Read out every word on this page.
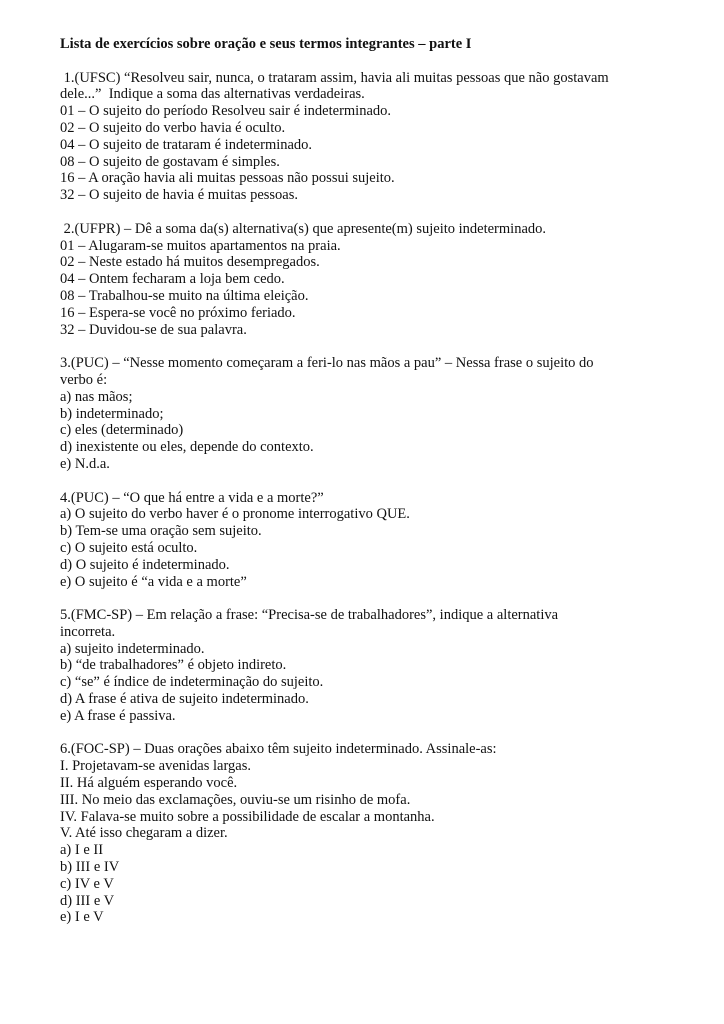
Lista de exercícios sobre oração e seus termos integrantes – parte I
1.(UFSC) “Resolveu sair, nunca, o trataram assim, havia ali muitas pessoas que não gostavam
dele...”  Indique a soma das alternativas verdadeiras.
01 – O sujeito do período Resolveu sair é indeterminado.
02 – O sujeito do verbo havia é oculto.
04 – O sujeito de trataram é indeterminado.
08 – O sujeito de gostavam é simples.
16 – A oração havia ali muitas pessoas não possui sujeito.
32 – O sujeito de havia é muitas pessoas.
2.(UFPR) – Dê a soma da(s) alternativa(s) que apresente(m) sujeito indeterminado.
01 – Alugaram-se muitos apartamentos na praia.
02 – Neste estado há muitos desempregados.
04 – Ontem fecharam a loja bem cedo.
08 – Trabalhou-se muito na última eleição.
16 – Espera-se você no próximo feriado.
32 – Duvidou-se de sua palavra.
3.(PUC) – “Nesse momento começaram a feri-lo nas mãos a pau” – Nessa frase o sujeito do
verbo é:
a) nas mãos;
b) indeterminado;
c) eles (determinado)
d) inexistente ou eles, depende do contexto.
e) N.d.a.
4.(PUC) – “O que há entre a vida e a morte?”
a) O sujeito do verbo haver é o pronome interrogativo QUE.
b) Tem-se uma oração sem sujeito.
c) O sujeito está oculto.
d) O sujeito é indeterminado.
e) O sujeito é “a vida e a morte”
5.(FMC-SP) – Em relação a frase: “Precisa-se de trabalhadores”, indique a alternativa
incorreta.
a) sujeito indeterminado.
b) “de trabalhadores” é objeto indireto.
c) “se” é índice de indeterminação do sujeito.
d) A frase é ativa de sujeito indeterminado.
e) A frase é passiva.
6.(FOC-SP) – Duas orações abaixo têm sujeito indeterminado. Assinale-as:
I. Projetavam-se avenidas largas.
II. Há alguém esperando você.
III. No meio das exclamações, ouviu-se um risinho de mofa.
IV. Falava-se muito sobre a possibilidade de escalar a montanha.
V. Até isso chegaram a dizer.
a) I e II
b) III e IV
c) IV e V
d) III e V
e) I e V
